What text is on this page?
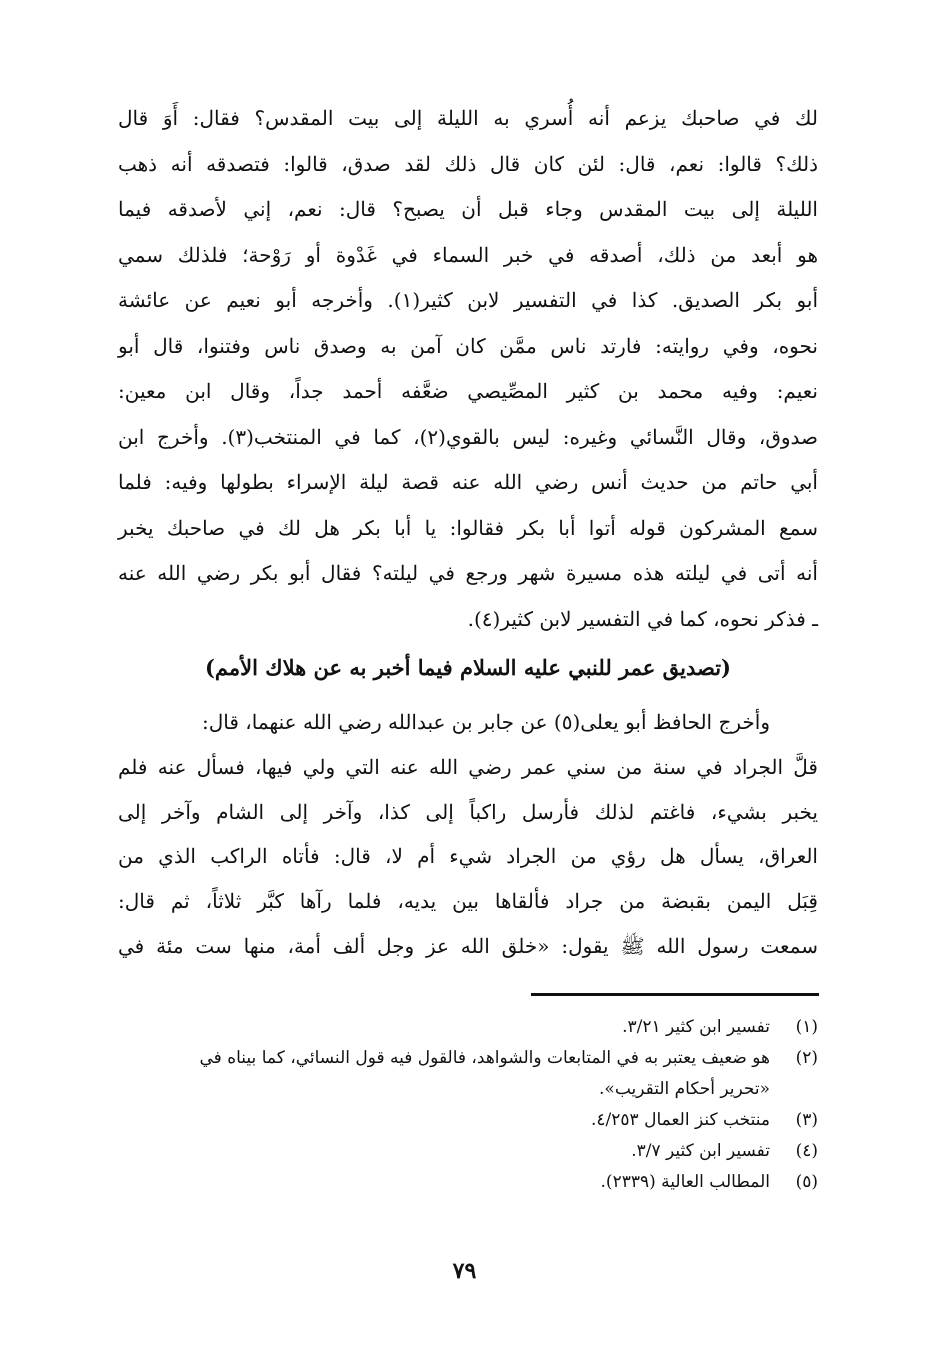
لك في صاحبك يزعم أنه أُسري به الليلة إلى بيت المقدس؟ فقال: أَوَ قال
ذلك؟ قالوا: نعم، قال: لئن كان قال ذلك لقد صدق، قالوا: فتصدقه أنه ذهب
الليلة إلى بيت المقدس وجاء قبل أن يصبح؟ قال: نعم، إني لأصدقه فيما
هو أبعد من ذلك، أصدقه في خبر السماء في غَدْوة أو رَوْحة؛ فلذلك سمي
أبو بكر الصديق. كذا في التفسير لابن كثير(١). وأخرجه أبو نعيم عن عائشة
نحوه، وفي روايته: فارتد ناس ممَّن كان آمن به وصدق ناس وفتنوا، قال أبو
نعيم: وفيه محمد بن كثير المصِّيصي ضعَّفه أحمد جداً، وقال ابن معين:
صدوق، وقال النَّسائي وغيره: ليس بالقوي(٢)، كما في المنتخب(٣). وأخرج ابن
أبي حاتم من حديث أنس رضي الله عنه قصة ليلة الإسراء بطولها وفيه: فلما
سمع المشركون قوله أتوا أبا بكر فقالوا: يا أبا بكر هل لك في صاحبك يخبر
أنه أتى في ليلته هذه مسيرة شهر ورجع في ليلته؟ فقال أبو بكر رضي الله عنه
ـ فذكر نحوه، كما في التفسير لابن كثير(٤).
(تصديق عمر للنبي عليه السلام فيما أخبر به عن هلاك الأمم)
وأخرج الحافظ أبو يعلى(٥) عن جابر بن عبدالله رضي الله عنهما، قال:
قلَّ الجراد في سنة من سني عمر رضي الله عنه التي ولي فيها، فسأل عنه فلم
يخبر بشيء، فاغتم لذلك فأرسل راكباً إلى كذا، وآخر إلى الشام وآخر إلى
العراق، يسأل هل رؤي من الجراد شيء أم لا، قال: فأتاه الراكب الذي من
قِبَل اليمن بقبضة من جراد فألقاها بين يديه، فلما رآها كبَّر ثلاثاً، ثم قال:
سمعت رسول الله ﷺ يقول: «خلق الله عز وجل ألف أمة، منها ست مئة في
(١)
تفسير ابن كثير ٣/٢١.
(٢)
هو ضعيف يعتبر به في المتابعات والشواهد، فالقول فيه قول النسائي، كما بيناه في
«تحرير أحكام التقريب».
(٣)
منتخب كنز العمال ٤/٢٥٣.
(٤)
تفسير ابن كثير ٣/٧.
(٥)
المطالب العالية (٢٣٣٩).
٧٩
